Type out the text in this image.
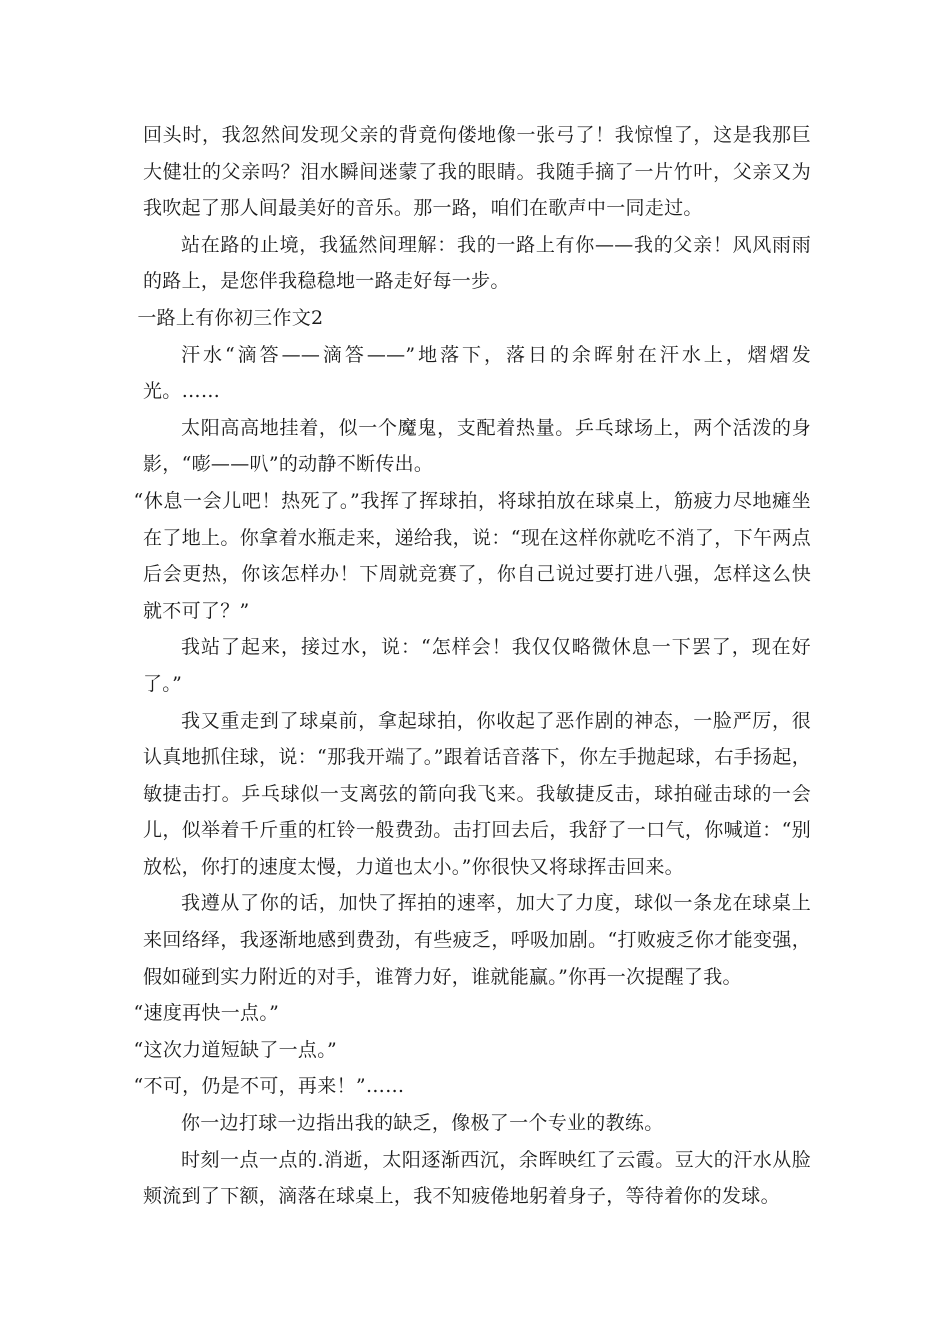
回头时，我忽然间发现父亲的背竟佝偻地像一张弓了！我惊惶了，这是我那巨大健壮的父亲吗？泪水瞬间迷蒙了我的眼睛。我随手摘了一片竹叶，父亲又为我吹起了那人间最美好的音乐。那一路，咱们在歌声中一同走过。

站在路的止境，我猛然间理解：我的一路上有你——我的父亲！风风雨雨的路上，是您伴我稳稳地一路走好每一步。

一路上有你初三作文2

汗水“滴答——滴答——”地落下，落日的余晖射在汗水上，熠熠发光。……

太阳高高地挂着，似一个魔鬼，支配着热量。乒乓球场上，两个活泼的身影，“嘭——叭”的动静不断传出。

“休息一会儿吧！热死了。”我挥了挥球拍，将球拍放在球桌上，筋疲力尽地瘫坐在了地上。你拿着水瓶走来，递给我，说：“现在这样你就吃不消了，下午两点后会更热，你该怎样办！下周就竞赛了，你自己说过要打进八强，怎样这么快就不可了？”

我站了起来，接过水，说：“怎样会！我仅仅略微休息一下罢了，现在好了。”

我又重走到了球桌前，拿起球拍，你收起了恶作剧的神态，一脸严厉，很认真地抓住球，说：“那我开端了。”跟着话音落下，你左手抛起球，右手扬起，敏捷击打。乒乓球似一支离弦的箭向我飞来。我敏捷反击，球拍碰击球的一会儿，似举着千斤重的杠铃一般费劲。击打回去后，我舒了一口气，你喊道：“别放松，你打的速度太慢，力道也太小。”你很快又将球挥击回来。

我遵从了你的话，加快了挥拍的速率，加大了力度，球似一条龙在球桌上来回络绎，我逐渐地感到费劲，有些疲乏，呼吸加剧。“打败疲乏你才能变强，假如碰到实力附近的对手，谁膂力好，谁就能赢。”你再一次提醒了我。

“速度再快一点。”

“这次力道短缺了一点。”

“不可，仍是不可，再来！”……

你一边打球一边指出我的缺乏，像极了一个专业的教练。

时刻一点一点的.消逝，太阳逐渐西沉，余晖映红了云霞。豆大的汗水从脸颊流到了下额，滴落在球桌上，我不知疲倦地躬着身子，等待着你的发球。
